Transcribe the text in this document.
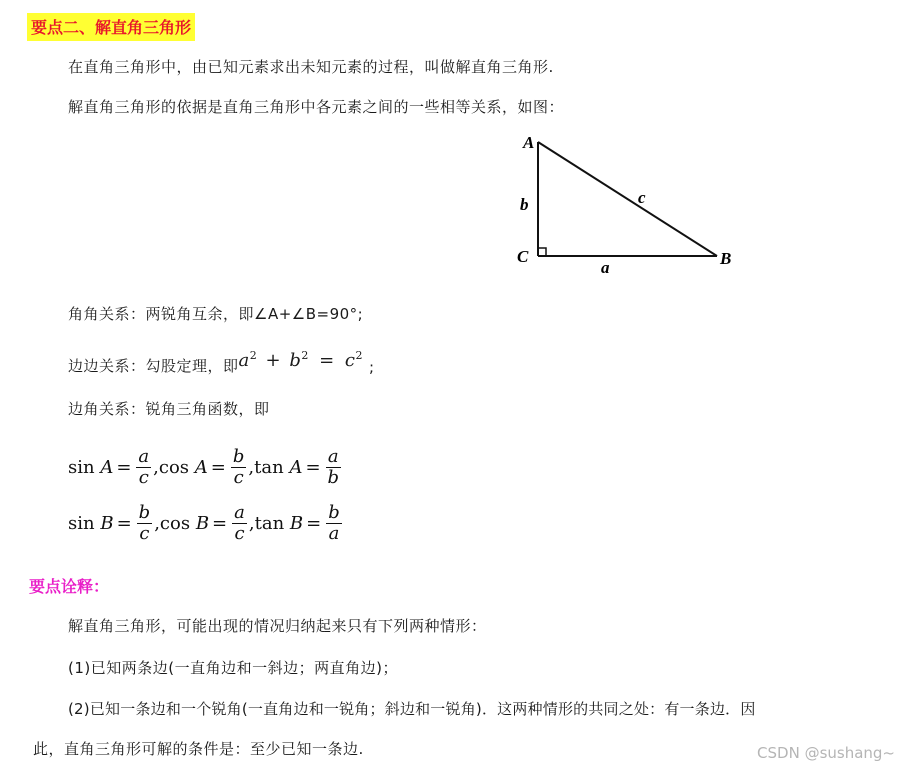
要点二、解直角三角形
在直角三角形中，由已知元素求出未知元素的过程，叫做解直角三角形.
解直角三角形的依据是直角三角形中各元素之间的一些相等关系，如图：
A
C	B
b
a
c
角角关系：两锐角互余，即∠A+∠B=90°;
边边关系：勾股定理，即 $a^2 + b^2 = c^2$
;
边角关系：锐角三角函数，即
sin
$A = \frac{a}{c}$ , cos
$A = \frac{b}{c}$ , tan
$A = \frac{a}{b}$
sin
$B = \frac{b}{c}$ , cos
$B = \frac{a}{c}$ , tan
$B = \frac{b}{a}$
要点诠释：
解直角三角形，可能出现的情况归纳起来只有下列两种情形：
(1)已知两条边(一直角边和一斜边；两直角边)；
(2)已知一条边和一个锐角(一直角边和一锐角；斜边和一锐角)．这两种情形的共同之处：有一条边．因
此，直角三角形可解的条件是：至少已知一条边.	CSDN @sushang~
